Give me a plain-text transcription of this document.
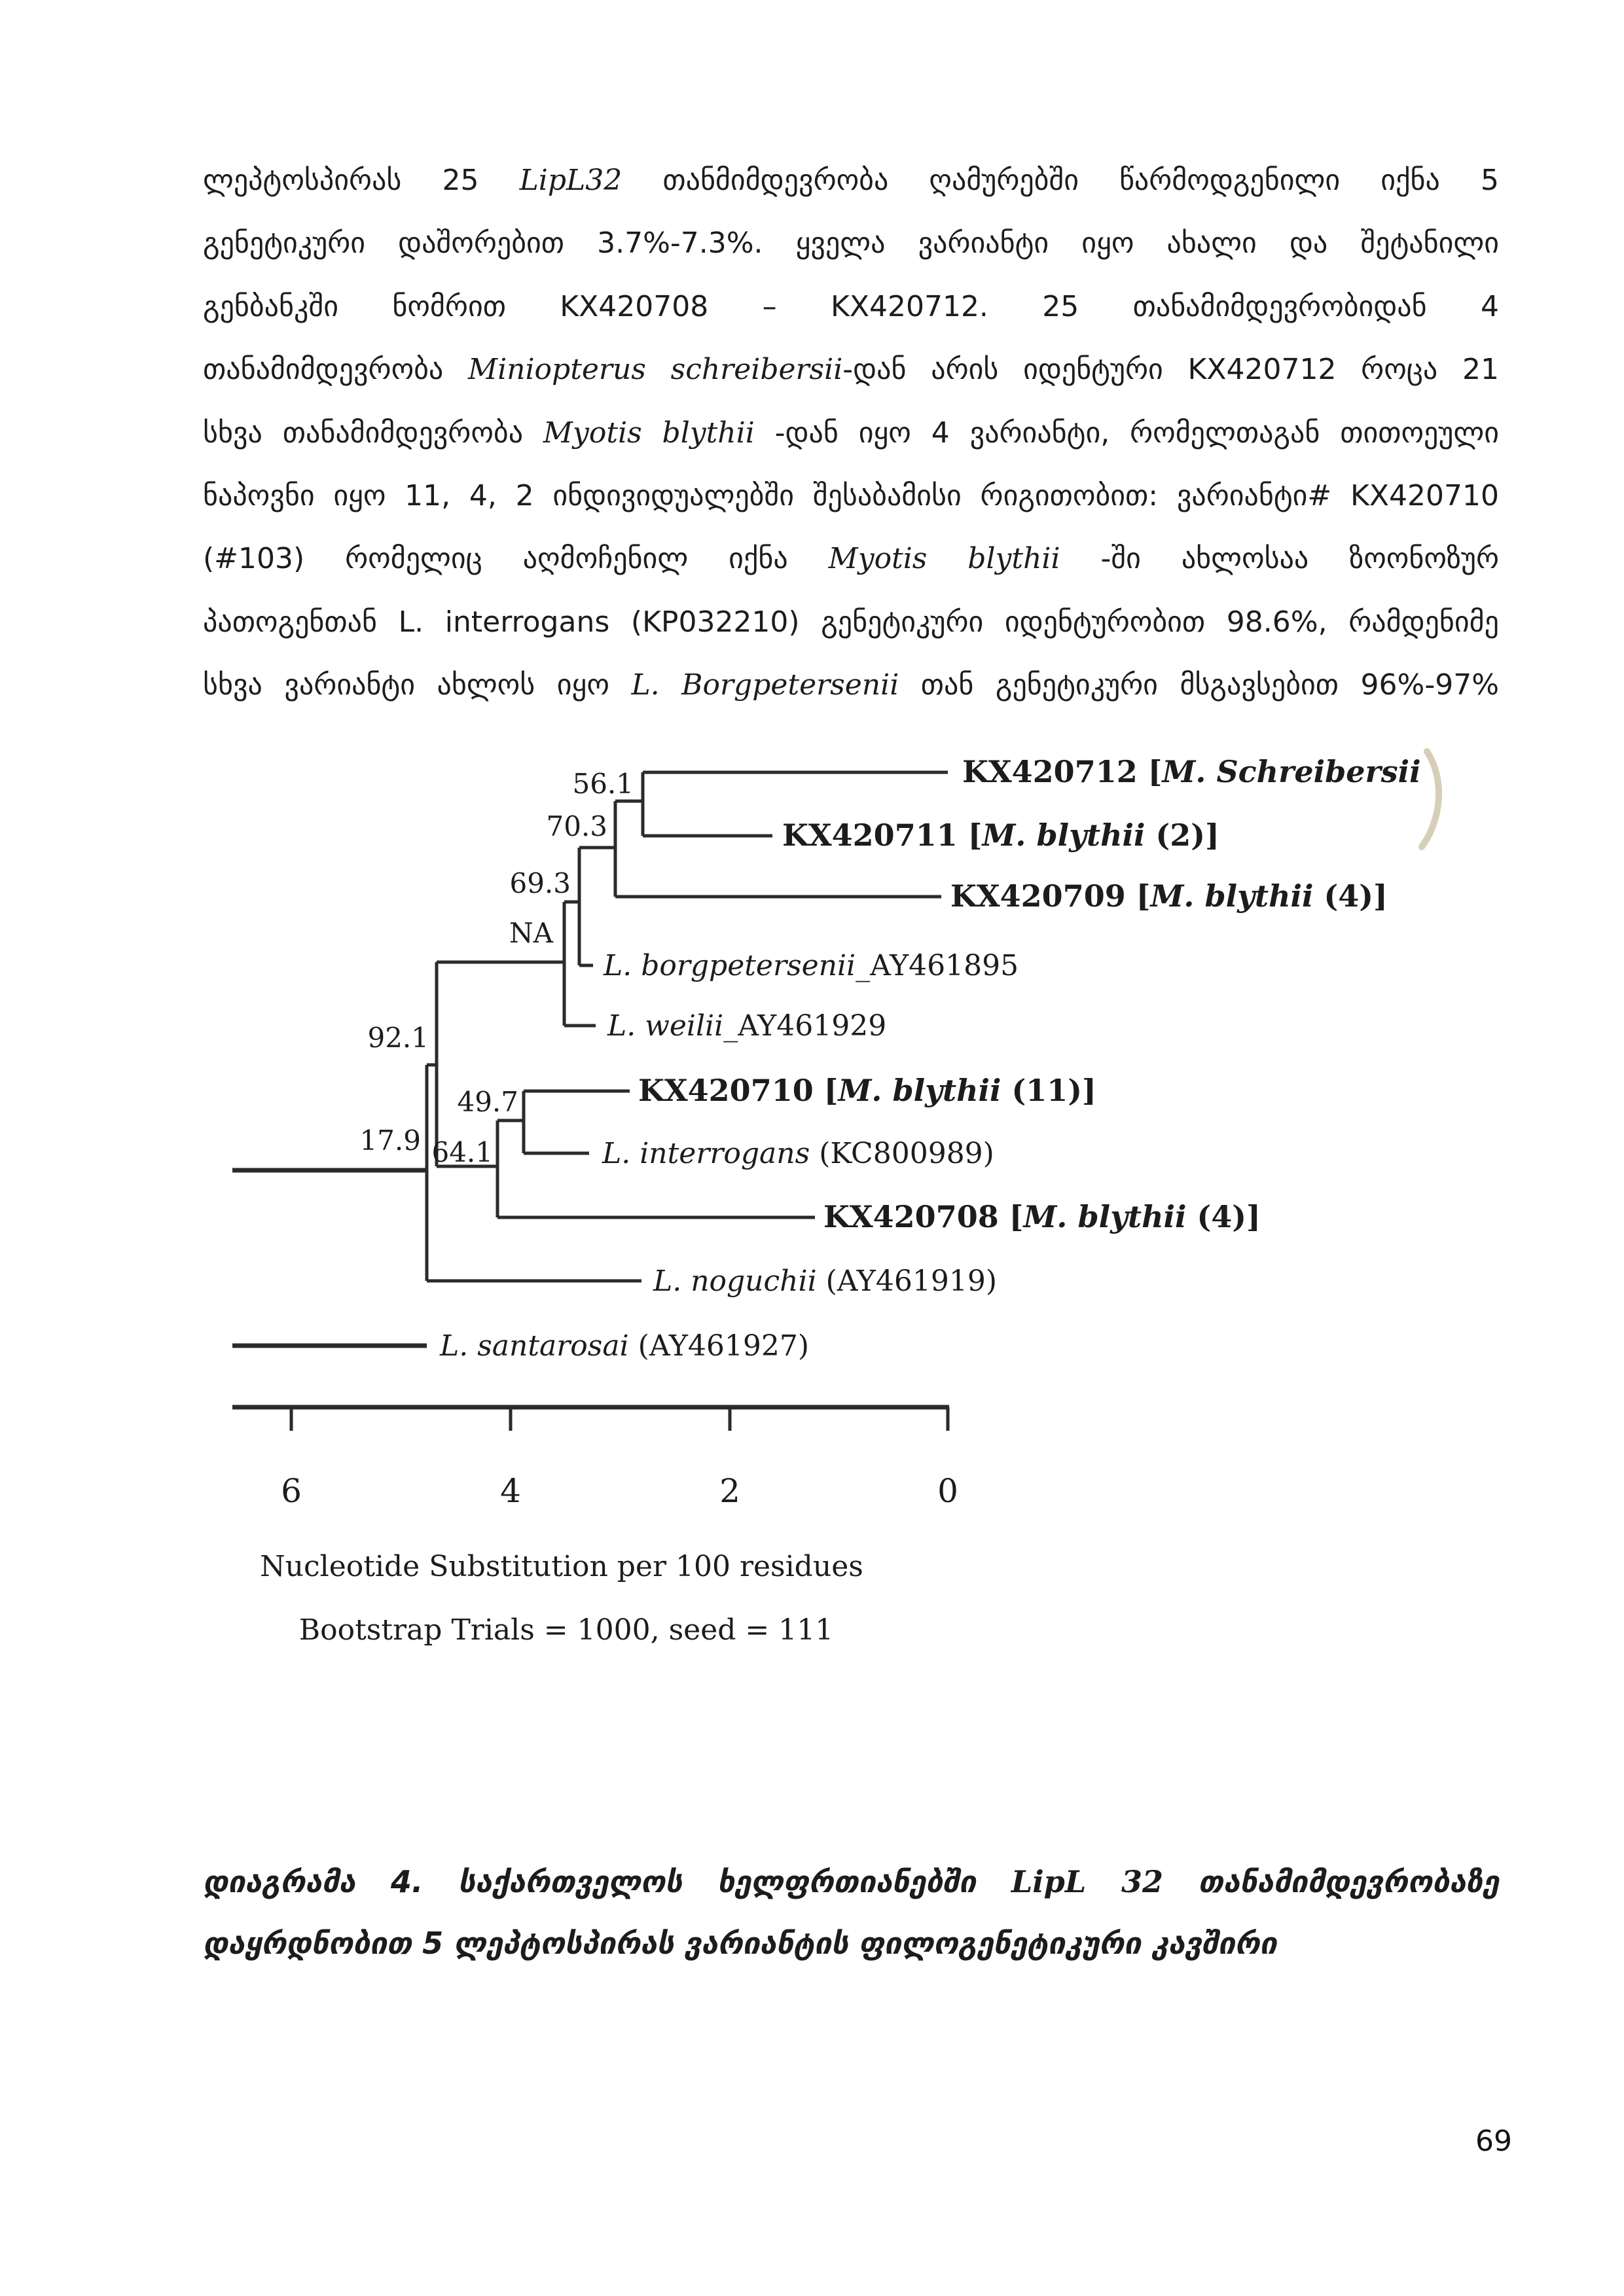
ლეპტოსპირას 25 LipL32 თანმიმდევრობა ღამურებში წარმოდგენილი იქნა 5
გენეტიკური დაშორებით 3.7%-7.3%. ყველა ვარიანტი იყო ახალი და შეტანილი
გენბანკში ნომრით KX420708 – KX420712. 25 თანამიმდევრობიდან 4
თანამიმდევრობა Miniopterus schreibersii-დან არის იდენტური KX420712 როცა 21
სხვა თანამიმდევრობა Myotis blythii -დან იყო 4 ვარიანტი, რომელთაგან თითოეული
ნაპოვნი იყო 11, 4, 2 ინდივიდუალებში შესაბამისი რიგითობით: ვარიანტი# KX420710
(#103) რომელიც აღმოჩენილ იქნა Myotis blythii -ში ახლოსაა ზოონოზურ
პათოგენთან L. interrogans (KP032210) გენეტიკური იდენტურობით 98.6%, რამდენიმე
სხვა ვარიანტი ახლოს იყო L. Borgpetersenii თან გენეტიკური მსგავსებით 96%-97%
56.1
70.3
69.3
NA
92.1
49.7
17.9 64.1
KX420712 [M. Schreibersii
KX420711 [M. blythii (2)]
KX420709 [M. blythii (4)]
L. borgpetersenii_AY461895
L. weilii_AY461929
KX420710 [M. blythii (11)]
L. interrogans (KC800989)
KX420708 [M. blythii (4)]
L. noguchii (AY461919)
L. santarosai (AY461927)
6	4	2	0
Nucleotide Substitution per 100 residues
Bootstrap Trials = 1000, seed = 111
დიაგრამა 4. საქართველოს ხელფრთიანებში LipL 32 თანამიმდევრობაზე
დაყრდნობით 5 ლეპტოსპირას ვარიანტის ფილოგენეტიკური კავშირი
69
